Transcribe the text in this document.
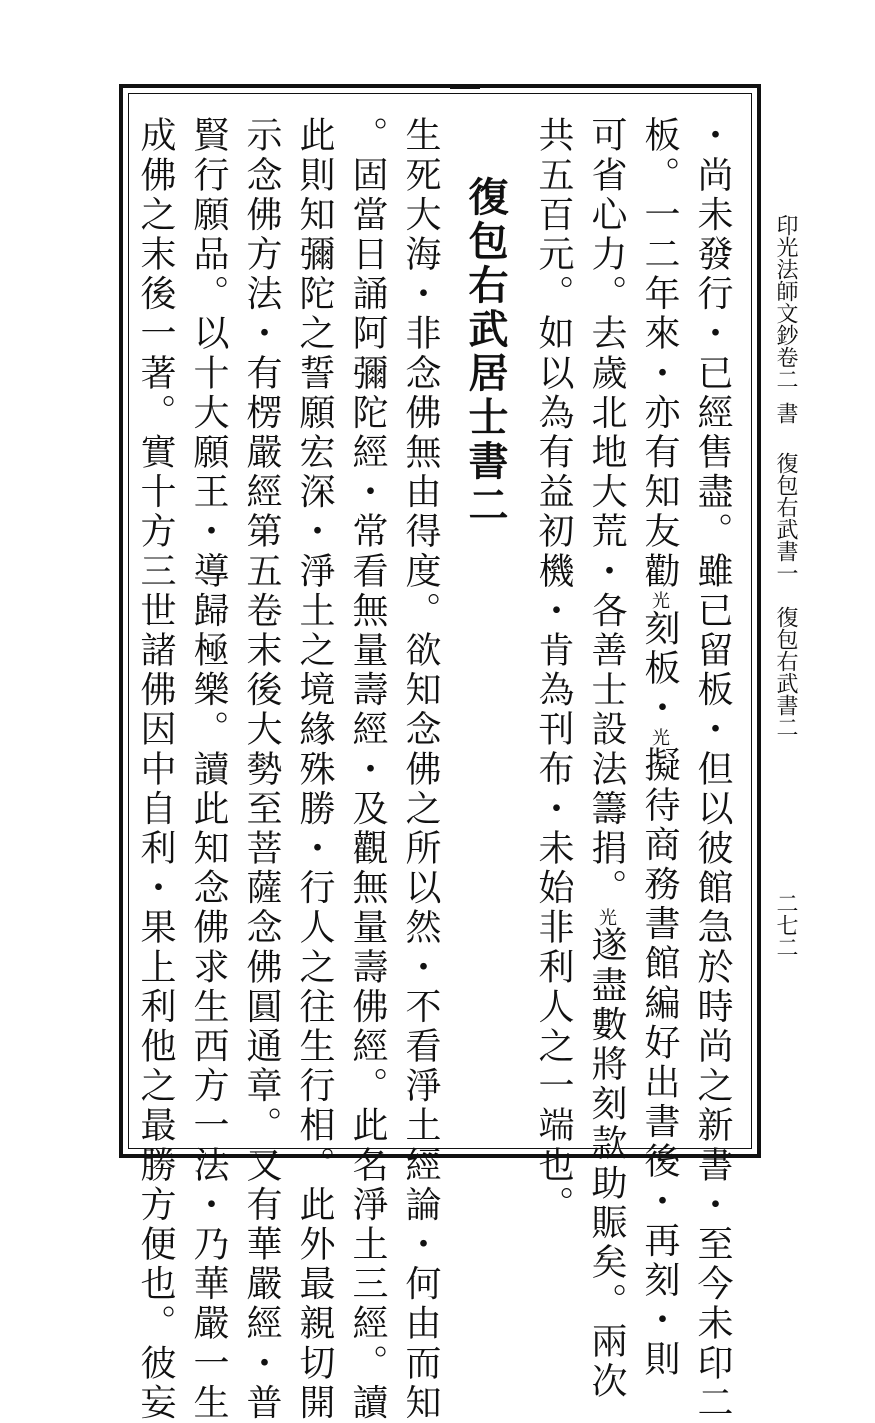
印光法師文鈔卷二
書
復包右武書一　復包右武書二
二七二
・尚未發行・已經售盡。雖已留板・但以彼館急於時尚之新書・至今未印二
板。一二年來・亦有知友勸光刻板・光擬待商務書館編好出書後・再刻・則
可省心力。去歲北地大荒・各善士設法籌捐。光遂盡數將刻款助賑矣。兩次
共五百元。如以為有益初機・肯為刊布・未始非利人之一端也。
復包右武居士書二
生死大海・非念佛無由得度。欲知念佛之所以然・不看淨土經論・何由而知
。固當日誦阿彌陀經・常看無量壽經・及觀無量壽佛經。此名淨土三經。讀
此則知彌陀之誓願宏深・淨土之境緣殊勝・行人之往生行相。此外最親切開
示念佛方法・有楞嚴經第五卷末後大勢至菩薩念佛圓通章。又有華嚴經・普
賢行願品。以十大願王・導歸極樂。讀此知念佛求生西方一法・乃華嚴一生
成佛之末後一著。實十方三世諸佛因中自利・果上利他之最勝方便也。彼妄
